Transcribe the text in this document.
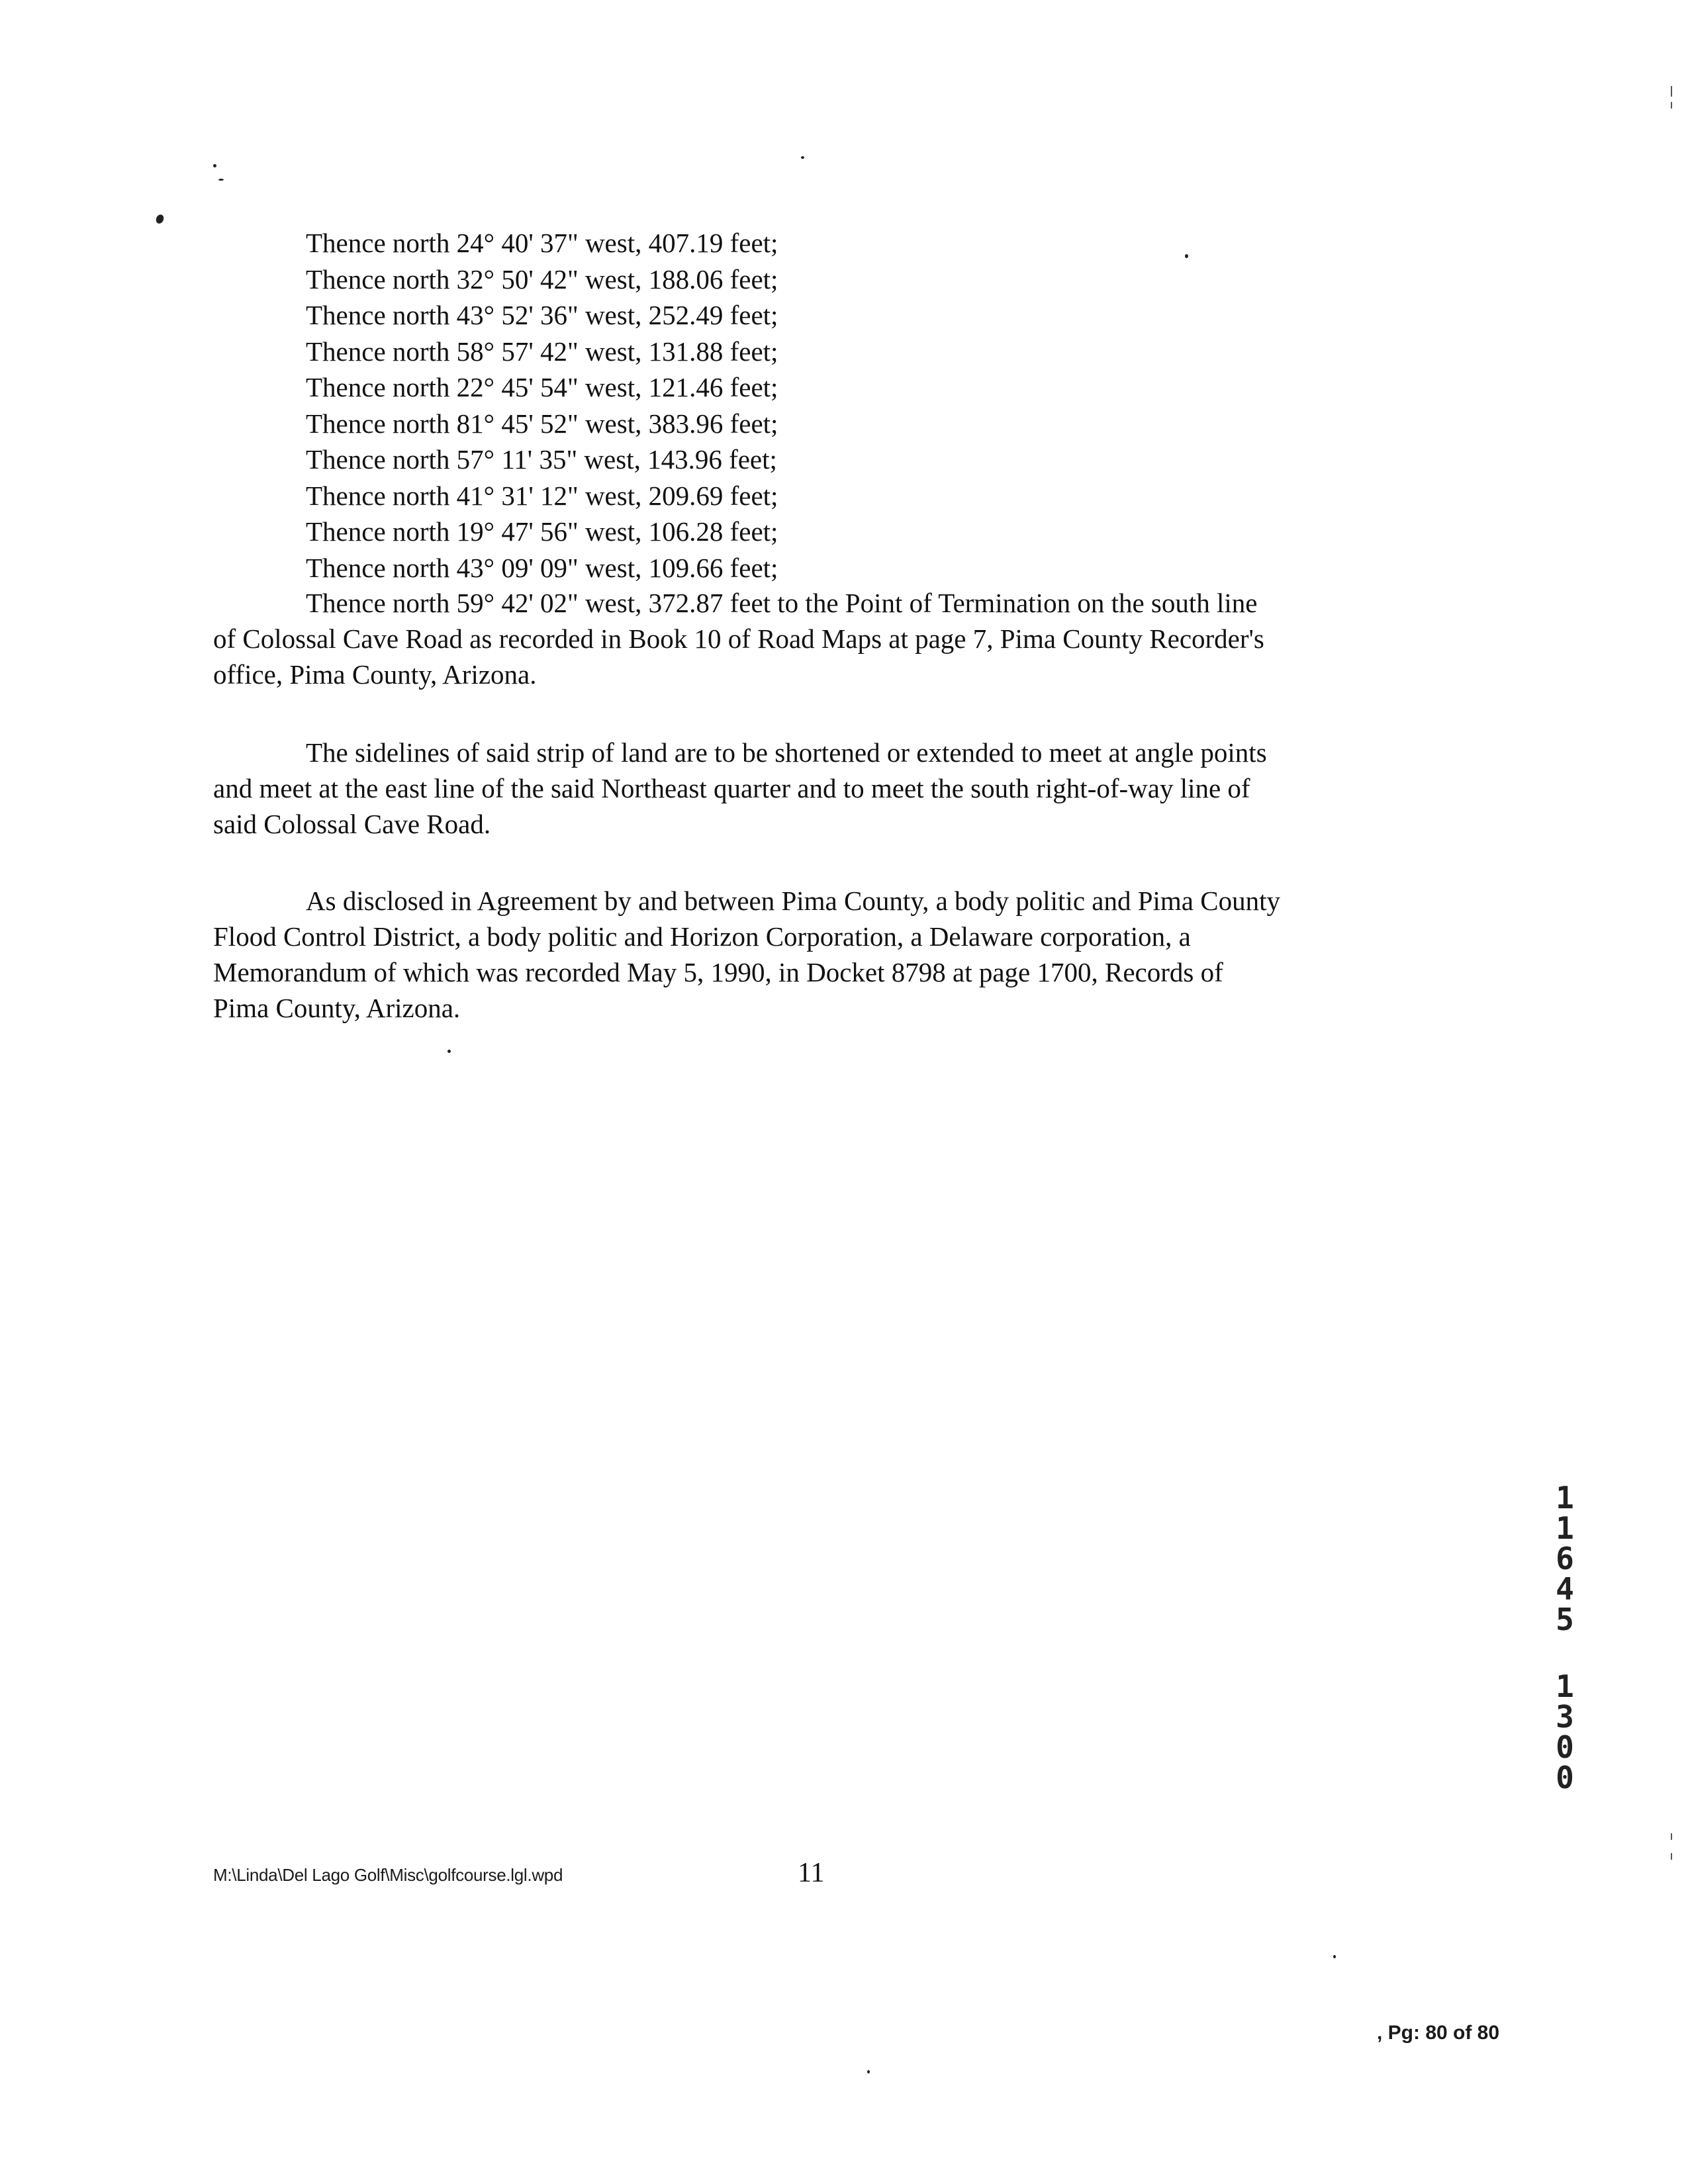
Thence north 24° 40' 37" west, 407.19 feet;
Thence north 32° 50' 42" west, 188.06 feet;
Thence north 43° 52' 36" west, 252.49 feet;
Thence north 58° 57' 42" west, 131.88 feet;
Thence north 22° 45' 54" west, 121.46 feet;
Thence north 81° 45' 52" west, 383.96 feet;
Thence north 57° 11' 35" west, 143.96 feet;
Thence north 41° 31' 12" west, 209.69 feet;
Thence north 19° 47' 56" west, 106.28 feet;
Thence north 43° 09' 09" west, 109.66 feet;
Thence north 59° 42' 02" west, 372.87 feet to the Point of Termination on the south line
of Colossal Cave Road as recorded in Book 10 of Road Maps at page 7, Pima County Recorder's
office, Pima County, Arizona.
The sidelines of said strip of land are to be shortened or extended to meet at angle points
and meet at the east line of the said Northeast quarter and to meet the south right-of-way line of
said Colossal Cave Road.
As disclosed in Agreement by and between Pima County, a body politic and Pima County
Flood Control District, a body politic and Horizon Corporation, a Delaware corporation, a
Memorandum of which was recorded May 5, 1990, in Docket 8798 at page 1700, Records of
Pima County, Arizona.
M:\Linda\Del Lago Golf\Misc\golfcourse.lgl.wpd	11
, Pg: 80 of 80
1
1
6
4
5
1
3
0
0
